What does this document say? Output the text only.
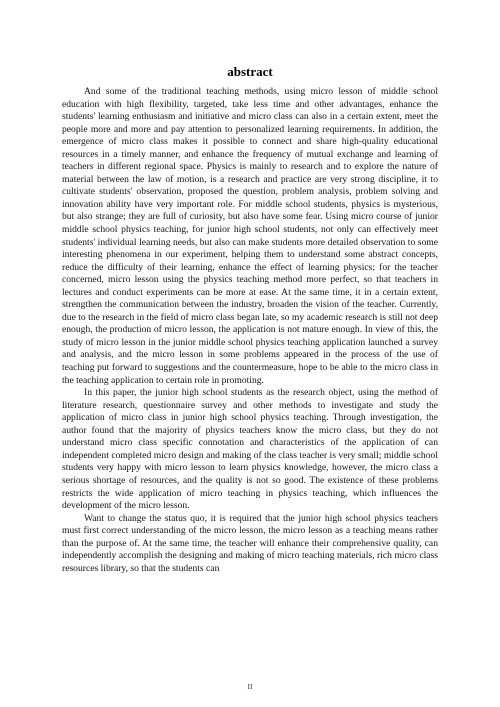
abstract

And some of the traditional teaching methods, using micro lesson of middle school education with high flexibility, targeted, take less time and other advantages, enhance the students' learning enthusiasm and initiative and micro class can also in a certain extent, meet the people more and more and pay attention to personalized learning requirements. In addition, the emergence of micro class makes it possible to connect and share high-quality educational resources in a timely manner, and enhance the frequency of mutual exchange and learning of teachers in different regional space. Physics is mainly to research and to explore the nature of material between the law of motion, is a research and practice are very strong discipline, it to cultivate students' observation, proposed the question, problem analysis, problem solving and innovation ability have very important role. For middle school students, physics is mysterious, but also strange; they are full of curiosity, but also have some fear. Using micro course of junior middle school physics teaching, for junior high school students, not only can effectively meet students' individual learning needs, but also can make students more detailed observation to some interesting phenomena in our experiment, helping them to understand some abstract concepts, reduce the difficulty of their learning, enhance the effect of learning physics; for the teacher concerned, micro lesson using the physics teaching method more perfect, so that teachers in lectures and conduct experiments can be more at ease. At the same time, it in a certain extent, strengthen the communication between the industry, broaden the vision of the teacher. Currently, due to the research in the field of micro class began late, so my academic research is still not deep enough, the production of micro lesson, the application is not mature enough. In view of this, the study of micro lesson in the junior middle school physics teaching application launched a survey and analysis, and the micro lesson in some problems appeared in the process of the use of teaching put forward to suggestions and the countermeasure, hope to be able to the micro class in the teaching application to certain role in promoting.

In this paper, the junior high school students as the research object, using the method of literature research, questionnaire survey and other methods to investigate and study the application of micro class in junior high school physics teaching. Through investigation, the author found that the majority of physics teachers know the micro class, but they do not understand micro class specific connotation and characteristics of the application of can independent completed micro design and making of the class teacher is very small; middle school students very happy with micro lesson to learn physics knowledge, however, the micro class a serious shortage of resources, and the quality is not so good. The existence of these problems restricts the wide application of micro teaching in physics teaching, which influences the development of the micro lesson.

Want to change the status quo, it is required that the junior high school physics teachers must first correct understanding of the micro lesson, the micro lesson as a teaching means rather than the purpose of. At the same time, the teacher will enhance their comprehensive quality, can independently accomplish the designing and making of micro teaching materials, rich micro class resources library, so that the students can

II
